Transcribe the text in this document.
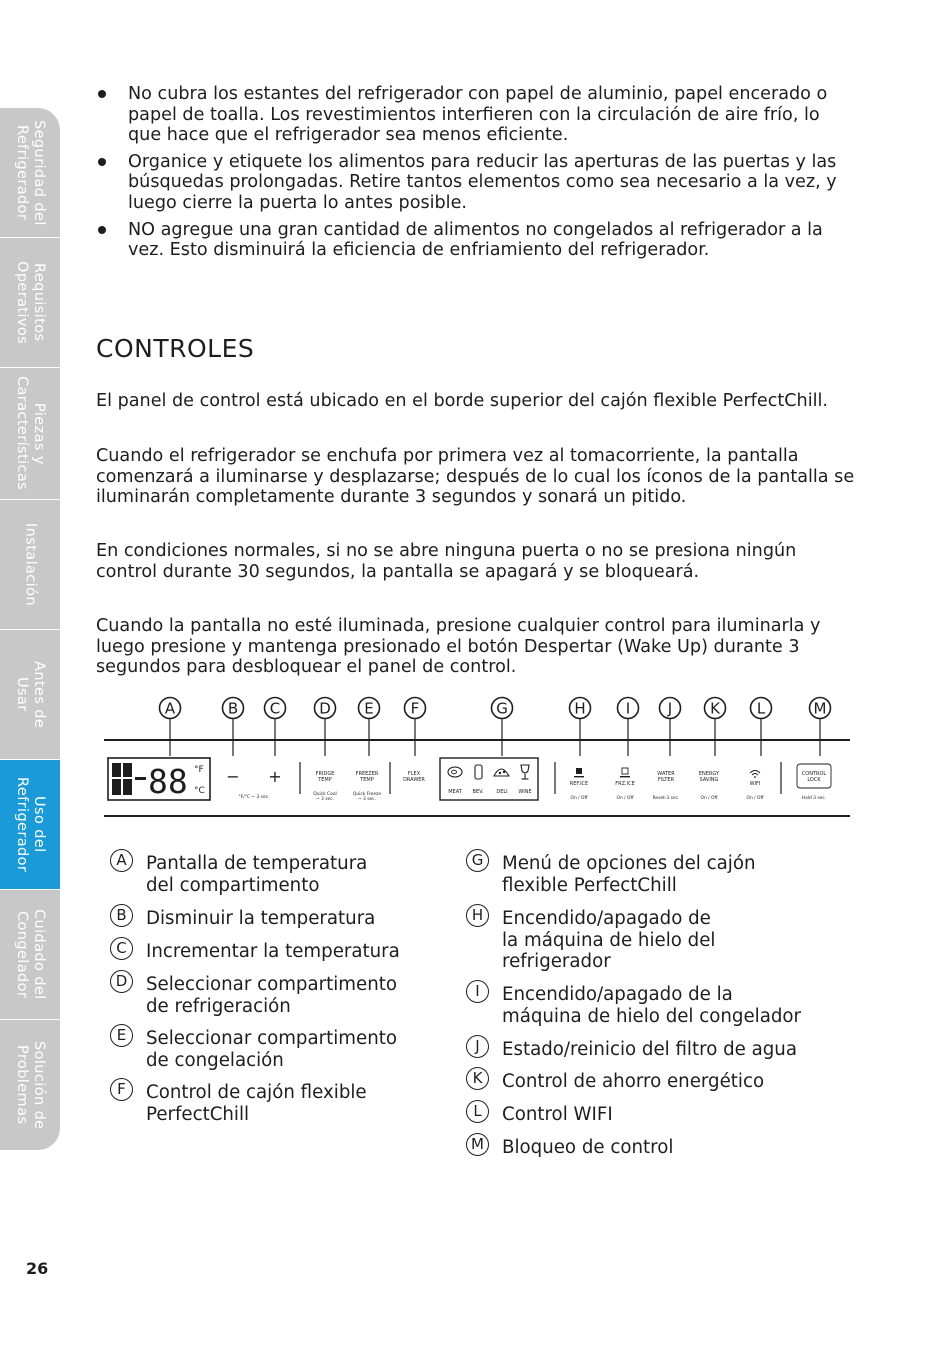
Seguridad del
Refrigerador
Requisitos
Operativos
Piezas y
Características
Instalación
Antes de
Usar
Uso del
Refrigerador
Cuidado del
Congelador
Solución de
Problemas
No cubra los estantes del refrigerador con papel de aluminio, papel encerado o papel de toalla. Los revestimientos interfieren con la circulación de aire frío, lo que hace que el refrigerador sea menos eficiente.
Organice y etiquete los alimentos para reducir las aperturas de las puertas y las búsquedas prolongadas. Retire tantos elementos como sea necesario a la vez, y luego cierre la puerta lo antes posible.
NO agregue una gran cantidad de alimentos no congelados al refrigerador a la vez. Esto disminuirá la eficiencia de enfriamiento del refrigerador.
CONTROLES

El panel de control está ubicado en el borde superior del cajón flexible PerfectChill.

Cuando el refrigerador se enchufa por primera vez al tomacorriente, la pantalla comenzará a iluminarse y desplazarse; después de lo cual los íconos de la pantalla se iluminarán completamente durante 3 segundos y sonará un pitido.

En condiciones normales, si no se abre ninguna puerta o no se presiona ningún control durante 30 segundos, la pantalla se apagará y se bloqueará.

Cuando la pantalla no esté iluminada, presione cualquier control para iluminarla y luego presione y mantenga presionado el botón Despertar (Wake Up) durante 3 segundos para desbloquear el panel de control.

A	B C	D E F	G	H	I	J	K L	M
88 °F
°C
− +
°F/°C ~ 3 sec.
FRIDGE
TEMP
Quick Cool
~ 3 sec.
FREEZER
TEMP
Quick Freeze
~ 3 sec.
FLEX
DRAWER
MEAT BEV.	DELI WINE
REF.ICE
On / Off
FRZ.ICE
On / Off
WATER
FILTER
Reset-3 sec.
ENERGY
SAVING
On / Off
WIFI
On / Off
CONTROL
LOCK
Hold 3 sec.
A	Pantalla de temperatura
del compartimento
B	Disminuir la temperatura
C	Incrementar la temperatura
D	Seleccionar compartimento
de refrigeración
E	Seleccionar compartimento
de congelación
F	Control de cajón flexible
PerfectChill
G	Menú de opciones del cajón
flexible PerfectChill
H	Encendido/apagado de
la máquina de hielo del
refrigerador
I	Encendido/apagado de la
máquina de hielo del congelador
J	Estado/reinicio del filtro de agua
K	Control de ahorro energético
L	Control WIFI
M Bloqueo de control
26
